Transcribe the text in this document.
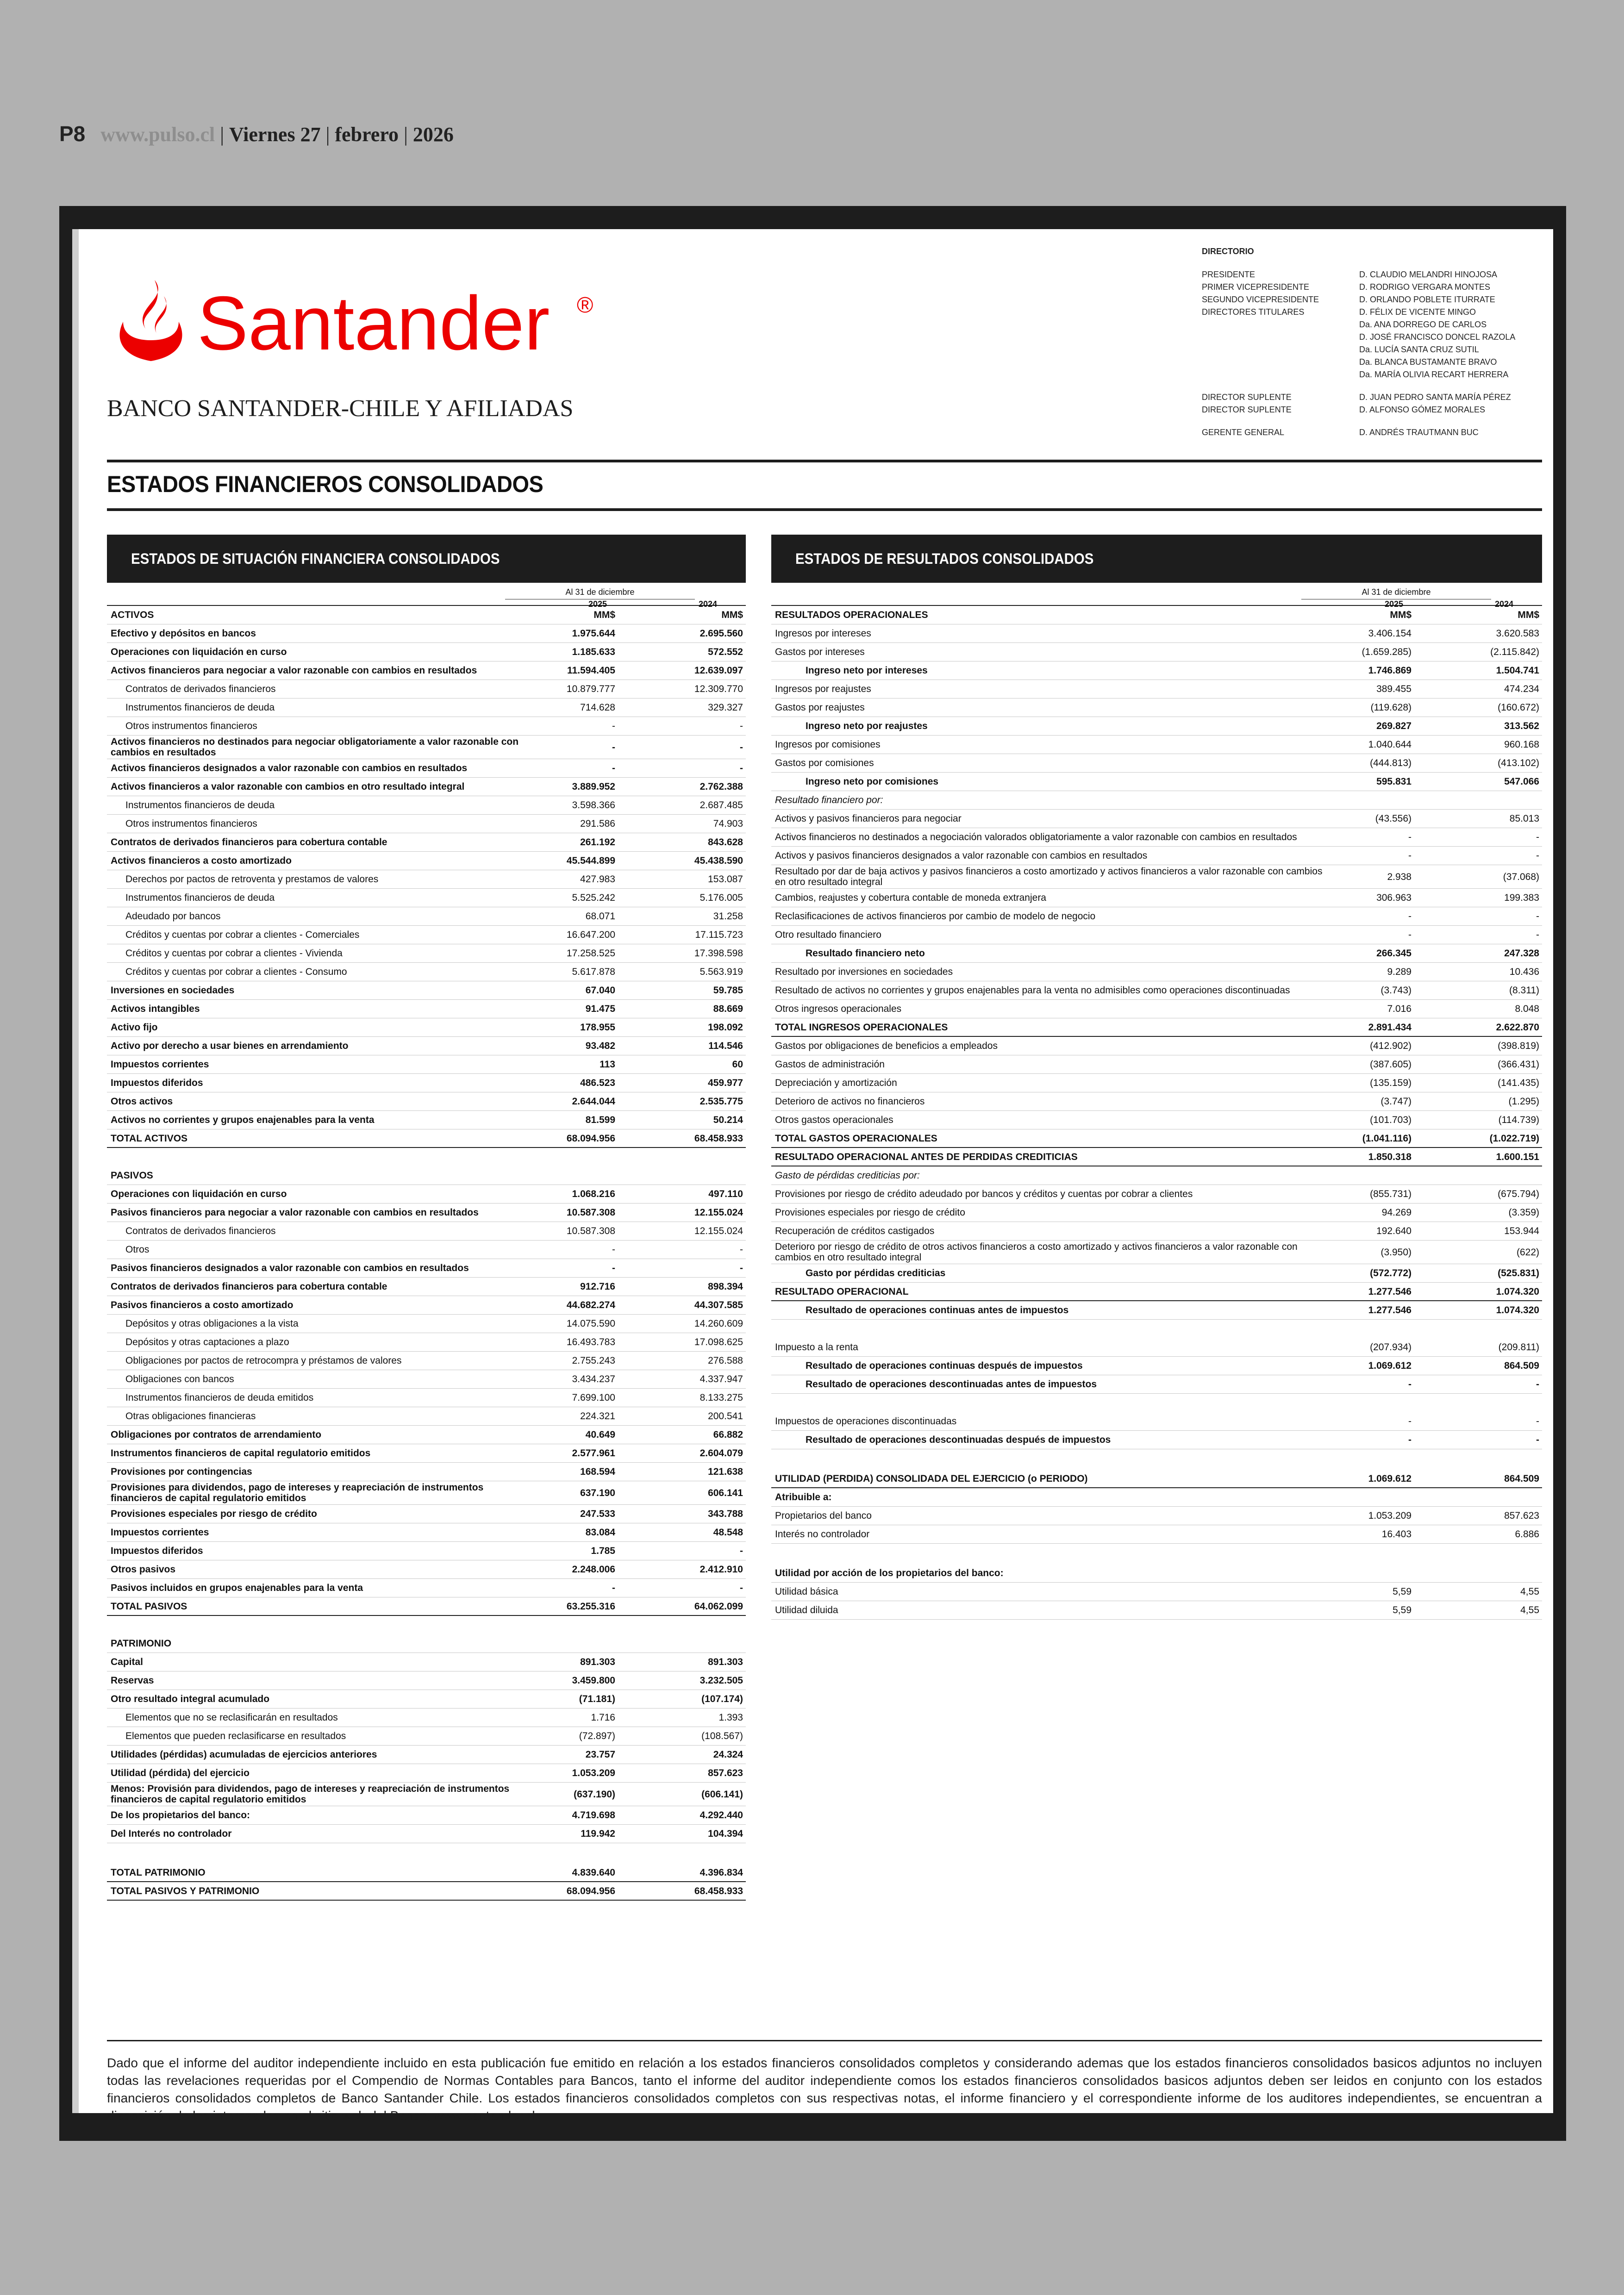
P8 www.pulso.cl | Viernes 27 | febrero | 2026
Santander ®
BANCO SANTANDER-CHILE Y AFILIADAS
DIRECTORIO
PRESIDENTE	D. CLAUDIO MELANDRI HINOJOSA
PRIMER VICEPRESIDENTE	D. RODRIGO VERGARA MONTES
SEGUNDO VICEPRESIDENTE	D. ORLANDO POBLETE ITURRATE
DIRECTORES TITULARES	D. FÉLIX DE VICENTE MINGO
Da. ANA DORREGO DE CARLOS
D. JOSÉ FRANCISCO DONCEL RAZOLA
Da. LUCÍA SANTA CRUZ SUTIL
Da. BLANCA BUSTAMANTE BRAVO
Da. MARÍA OLIVIA RECART HERRERA
DIRECTOR SUPLENTE	D. JUAN PEDRO SANTA MARÍA PÉREZ
DIRECTOR SUPLENTE	D. ALFONSO GÓMEZ MORALES
GERENTE GENERAL	D. ANDRÉS TRAUTMANN BUC
ESTADOS FINANCIEROS CONSOLIDADOS
ESTADOS DE SITUACIÓN FINANCIERA CONSOLIDADOS
Al 31 de diciembre
2025	2024
ACTIVOS	MM$	MM$
Efectivo y depósitos en bancos	1.975.644	2.695.560
Operaciones con liquidación en curso	1.185.633	572.552
Activos financieros para negociar a valor razonable con cambios en resultados	11.594.405	12.639.097
Contratos de derivados financieros	10.879.777	12.309.770
Instrumentos financieros de deuda	714.628	329.327
Otros instrumentos financieros	-	-
Activos financieros no destinados para negociar obligatoriamente a valor razonable con cambios en resultados	-	-
Activos financieros designados a valor razonable con cambios en resultados	-	-
Activos financieros a valor razonable con cambios en otro resultado integral	3.889.952	2.762.388
Instrumentos financieros de deuda	3.598.366	2.687.485
Otros instrumentos financieros	291.586	74.903
Contratos de derivados financieros para cobertura contable	261.192	843.628
Activos financieros a costo amortizado	45.544.899	45.438.590
Derechos por pactos de retroventa y prestamos de valores	427.983	153.087
Instrumentos financieros de deuda	5.525.242	5.176.005
Adeudado por bancos	68.071	31.258
Créditos y cuentas por cobrar a clientes - Comerciales	16.647.200	17.115.723
Créditos y cuentas por cobrar a clientes - Vivienda	17.258.525	17.398.598
Créditos y cuentas por cobrar a clientes - Consumo	5.617.878	5.563.919
Inversiones en sociedades	67.040	59.785
Activos intangibles	91.475	88.669
Activo fijo	178.955	198.092
Activo por derecho a usar bienes en arrendamiento	93.482	114.546
Impuestos corrientes	113	60
Impuestos diferidos	486.523	459.977
Otros activos	2.644.044	2.535.775
Activos no corrientes y grupos enajenables para la venta	81.599	50.214
TOTAL ACTIVOS	68.094.956	68.458.933
PASIVOS
Operaciones con liquidación en curso	1.068.216	497.110
Pasivos financieros para negociar a valor razonable con cambios en resultados	10.587.308	12.155.024
Contratos de derivados financieros	10.587.308	12.155.024
Otros	-	-
Pasivos financieros designados a valor razonable con cambios en resultados	-	-
Contratos de derivados financieros para cobertura contable	912.716	898.394
Pasivos financieros a costo amortizado	44.682.274	44.307.585
Depósitos y otras obligaciones a la vista	14.075.590	14.260.609
Depósitos y otras captaciones a plazo	16.493.783	17.098.625
Obligaciones por pactos de retrocompra y préstamos de valores	2.755.243	276.588
Obligaciones con bancos	3.434.237	4.337.947
Instrumentos financieros de deuda emitidos	7.699.100	8.133.275
Otras obligaciones financieras	224.321	200.541
Obligaciones por contratos de arrendamiento	40.649	66.882
Instrumentos financieros de capital regulatorio emitidos	2.577.961	2.604.079
Provisiones por contingencias	168.594	121.638
Provisiones para dividendos, pago de intereses y reapreciación de instrumentos financieros de capital regulatorio emitidos	637.190	606.141
Provisiones especiales por riesgo de crédito	247.533	343.788
Impuestos corrientes	83.084	48.548
Impuestos diferidos	1.785	-
Otros pasivos	2.248.006	2.412.910
Pasivos incluidos en grupos enajenables para la venta	-	-
TOTAL PASIVOS	63.255.316	64.062.099
PATRIMONIO
Capital	891.303	891.303
Reservas	3.459.800	3.232.505
Otro resultado integral acumulado	(71.181)	(107.174)
Elementos que no se reclasificarán en resultados	1.716	1.393
Elementos que pueden reclasificarse en resultados	(72.897)	(108.567)
Utilidades (pérdidas) acumuladas de ejercicios anteriores	23.757	24.324
Utilidad (pérdida) del ejercicio	1.053.209	857.623
Menos: Provisión para dividendos, pago de intereses y reapreciación de instrumentos financieros de capital regulatorio emitidos	(637.190)	(606.141)
De los propietarios del banco:	4.719.698	4.292.440
Del Interés no controlador	119.942	104.394
TOTAL PATRIMONIO	4.839.640	4.396.834
TOTAL PASIVOS Y PATRIMONIO	68.094.956	68.458.933
ESTADOS DE RESULTADOS CONSOLIDADOS
Al 31 de diciembre
2025	2024
RESULTADOS OPERACIONALES	MM$	MM$
Ingresos por intereses	3.406.154	3.620.583
Gastos por intereses	(1.659.285)	(2.115.842)
Ingreso neto por intereses	1.746.869	1.504.741
Ingresos por reajustes	389.455	474.234
Gastos por reajustes	(119.628)	(160.672)
Ingreso neto por reajustes	269.827	313.562
Ingresos por comisiones	1.040.644	960.168
Gastos por comisiones	(444.813)	(413.102)
Ingreso neto por comisiones	595.831	547.066
Resultado financiero por:
Activos y pasivos financieros para negociar	(43.556)	85.013
Activos financieros no destinados a negociación valorados obligatoriamente a valor razonable con cambios en resultados	-	-
Activos y pasivos financieros designados a valor razonable con cambios en resultados	-	-
Resultado por dar de baja activos y pasivos financieros a costo amortizado y activos financieros a valor razonable con cambios en otro resultado integral	2.938	(37.068)
Cambios, reajustes y cobertura contable de moneda extranjera	306.963	199.383
Reclasificaciones de activos financieros por cambio de modelo de negocio	-	-
Otro resultado financiero	-	-
Resultado financiero neto	266.345	247.328
Resultado por inversiones en sociedades	9.289	10.436
Resultado de activos no corrientes y grupos enajenables para la venta no admisibles como operaciones discontinuadas	(3.743)	(8.311)
Otros ingresos operacionales	7.016	8.048
TOTAL INGRESOS OPERACIONALES	2.891.434	2.622.870
Gastos por obligaciones de beneficios a empleados	(412.902)	(398.819)
Gastos de administración	(387.605)	(366.431)
Depreciación y amortización	(135.159)	(141.435)
Deterioro de activos no financieros	(3.747)	(1.295)
Otros gastos operacionales	(101.703)	(114.739)
TOTAL GASTOS OPERACIONALES	(1.041.116)	(1.022.719)
RESULTADO OPERACIONAL ANTES DE PERDIDAS CREDITICIAS	1.850.318	1.600.151
Gasto de pérdidas crediticias por:
Provisiones por riesgo de crédito adeudado por bancos y créditos y cuentas por cobrar a clientes	(855.731)	(675.794)
Provisiones especiales por riesgo de crédito	94.269	(3.359)
Recuperación de créditos castigados	192.640	153.944
Deterioro por riesgo de crédito de otros activos financieros a costo amortizado y activos financieros a valor razonable con cambios en otro resultado integral	(3.950)	(622)
Gasto por pérdidas crediticias	(572.772)	(525.831)
RESULTADO OPERACIONAL	1.277.546	1.074.320
Resultado de operaciones continuas antes de impuestos	1.277.546	1.074.320
Impuesto a la renta	(207.934)	(209.811)
Resultado de operaciones continuas después de impuestos	1.069.612	864.509
Resultado de operaciones descontinuadas antes de impuestos	-	-
Impuestos de operaciones discontinuadas	-	-
Resultado de operaciones descontinuadas después de impuestos	-	-
UTILIDAD (PERDIDA) CONSOLIDADA DEL EJERCICIO (o PERIODO)	1.069.612	864.509
Atribuible a:
Propietarios del banco	1.053.209	857.623
Interés no controlador	16.403	6.886
Utilidad por acción de los propietarios del banco:
Utilidad básica	5,59	4,55
Utilidad diluida	5,59	4,55
Dado que el informe del auditor independiente incluido en esta publicación fue emitido en relación a los estados financieros consolidados completos y considerando ademas que los estados financieros consolidados basicos adjuntos no incluyen todas las revelaciones requeridas por el Compendio de Normas Contables para Bancos, tanto el informe del auditor independiente comos los estados financieros consolidados basicos adjuntos deben ser leidos en conjunto con los estados financieros consolidados completos de Banco Santander Chile. Los estados financieros consolidados completos con sus respectivas notas, el informe financiero y el correspondiente informe de los auditores independientes, se encuentran a disposición de los interesados en el sitio web del Banco, www.santander.cl.
